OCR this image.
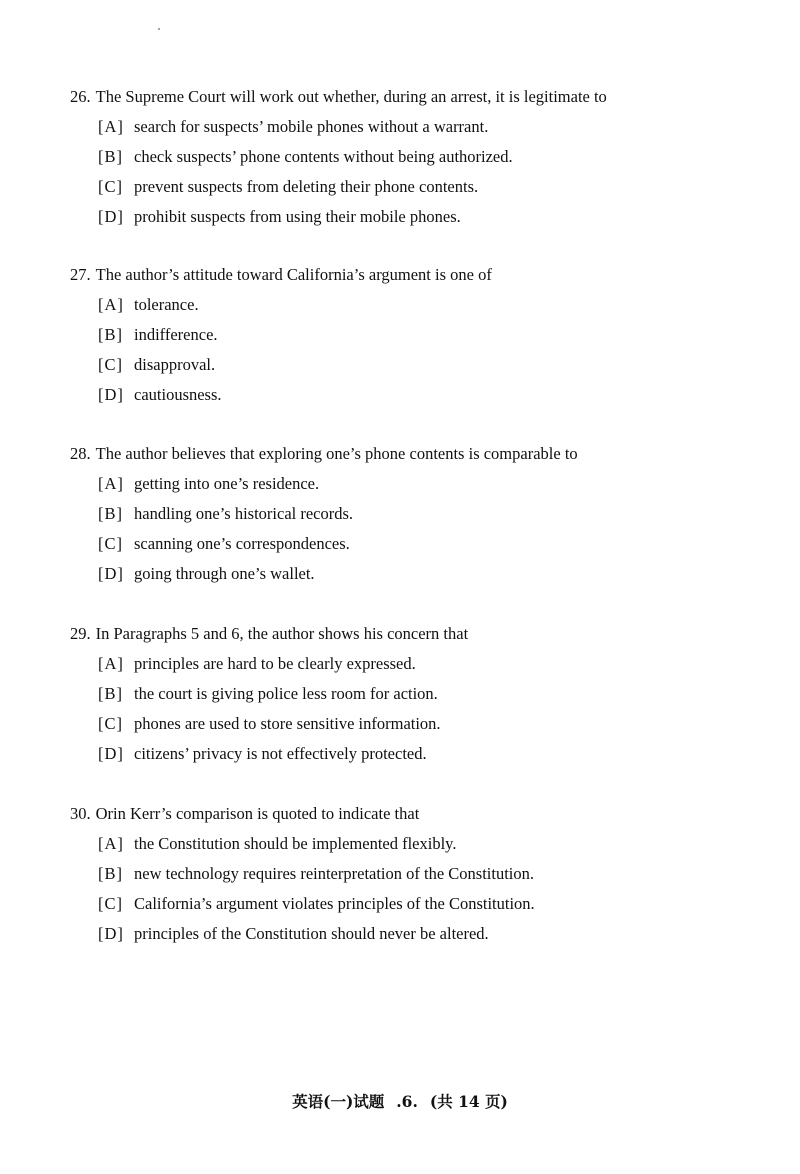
26. The Supreme Court will work out whether, during an arrest, it is legitimate to
[A] search for suspects’ mobile phones without a warrant.
[B] check suspects’ phone contents without being authorized.
[C] prevent suspects from deleting their phone contents.
[D] prohibit suspects from using their mobile phones.
27. The author’s attitude toward California’s argument is one of
[A] tolerance.
[B] indifference.
[C] disapproval.
[D] cautiousness.
28. The author believes that exploring one’s phone contents is comparable to
[A] getting into one’s residence.
[B] handling one’s historical records.
[C] scanning one’s correspondences.
[D] going through one’s wallet.
29. In Paragraphs 5 and 6, the author shows his concern that
[A] principles are hard to be clearly expressed.
[B] the court is giving police less room for action.
[C] phones are used to store sensitive information.
[D] citizens’ privacy is not effectively protected.
30. Orin Kerr’s comparison is quoted to indicate that
[A] the Constitution should be implemented flexibly.
[B] new technology requires reinterpretation of the Constitution.
[C] California’s argument violates principles of the Constitution.
[D] principles of the Constitution should never be altered.
英语(一)试题 .6. (共 14 页)
